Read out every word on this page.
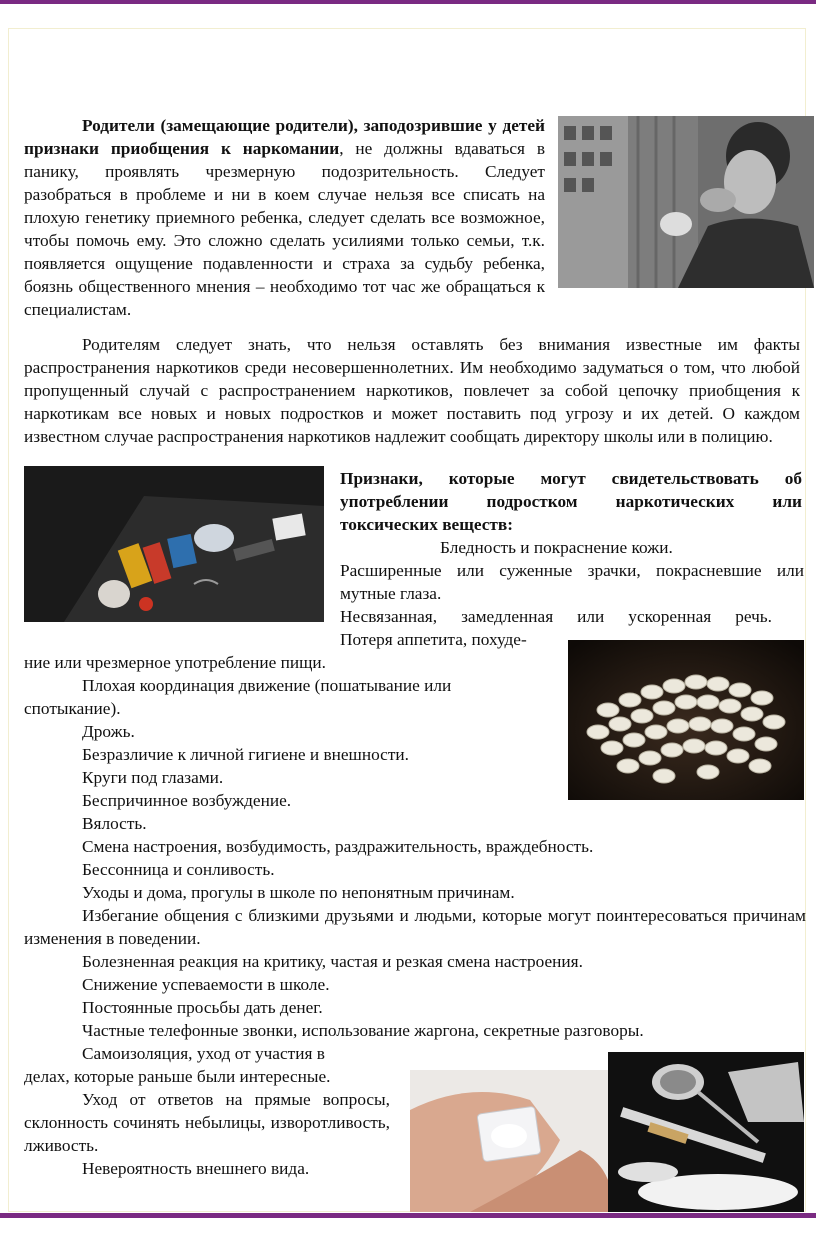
Родители (замещающие родители), заподозрившие у детей признаки приобщения к наркомании, не должны вдаваться в панику, проявлять чрезмерную подозрительность. Следует разобраться в проблеме и ни в коем случае нельзя все списать на плохую генетику приемного ребенка, следует сделать все возможное, чтобы помочь ему. Это сложно сделать усилиями только семьи, т.к. появляется ощущение подавленности и страха за судьбу ребенка, боязнь общественного мнения – необходимо тот час же обращаться к специалистам.

Родителям следует знать, что нельзя оставлять без внимания известные им факты распространения наркотиков среди несовершеннолетних. Им необходимо задуматься о том, что любой пропущенный случай с распространением наркотиков, повлечет за собой цепочку приобщения к наркотикам все новых и новых подростков и может поставить под угрозу и их детей. О каждом известном случае распространения наркотиков надлежит сообщать директору школы или в полицию.

Признаки, которые могут свидетельствовать об употреблении подростком наркотических или токсических веществ:

Бледность и покраснение кожи.

Расширенные или суженные зрачки, покрасневшие или мутные глаза.

Несвязанная, замедленная или ускоренная речь.

Потеря аппетита, похуде-

ние или чрезмерное употребление пищи.

Плохая координация движение (пошатывание или

спотыкание).

Дрожь.

Безразличие к личной гигиене и внешности.

Круги под глазами.

Беспричинное возбуждение.

Вялость.

Смена настроения, возбудимость, раздражительность, враждебность.

Бессонница и сонливость.

Уходы и дома, прогулы в школе по непонятным причинам.

Избегание общения с близкими друзьями и людьми, которые могут поинтересоваться причинам изменения в поведении.

Болезненная реакция на критику, частая и резкая смена настроения.

Снижение успеваемости в школе.

Постоянные просьбы дать денег.

Частные телефонные звонки, использование жаргона, секретные разговоры.

Самоизоляция, уход от участия в

делах, которые раньше были интересные.

Уход от ответов на прямые вопросы, склонность сочинять небылицы, изворотливость, лживость.

Невероятность внешнего вида.
